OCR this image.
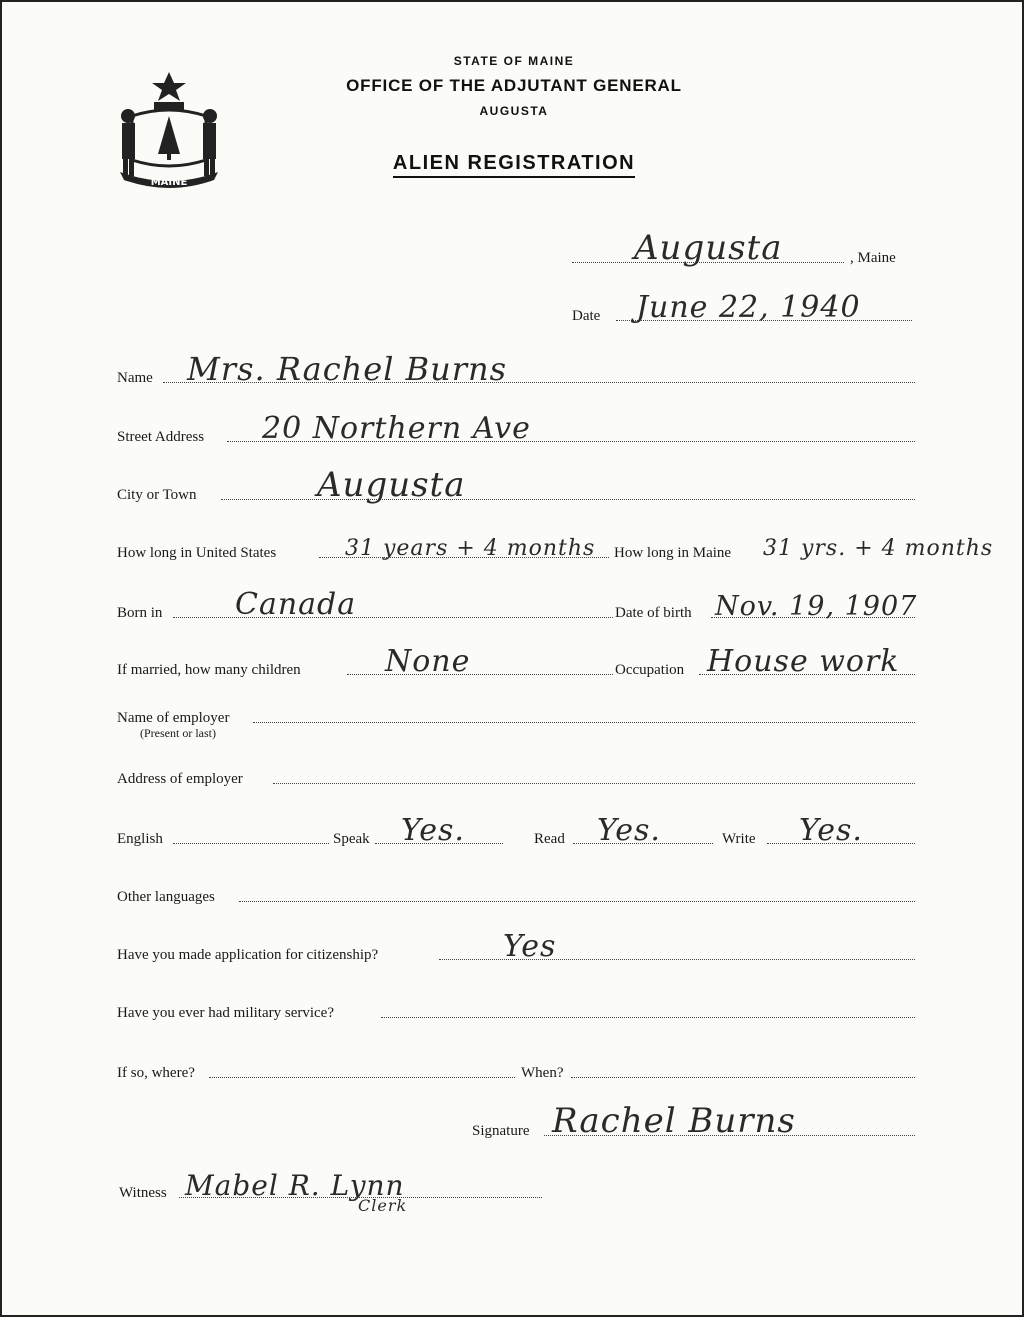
MAINE
STATE OF MAINE
OFFICE OF THE ADJUTANT GENERAL
AUGUSTA
ALIEN REGISTRATION
Augusta	, Maine
Date June 22, 1940
Name Mrs. Rachel Burns
Street Address 20 Northern Ave
City or Town	Augusta
How long in United States	31 years + 4 months How long in Maine 31 yrs. + 4 months
Born in Canada	Date of birth Nov. 19, 1907
If married, how many children	None	Occupation House work
Name of employer
(Present or last)
Address of employer
English	Speak Yes.	Read Yes.	Write Yes.
Other languages
Have you made application for citizenship?	Yes
Have you ever had military service?
If so, where?	When?
Signature Rachel Burns
Witness Mabel R. Lynn
Clerk
